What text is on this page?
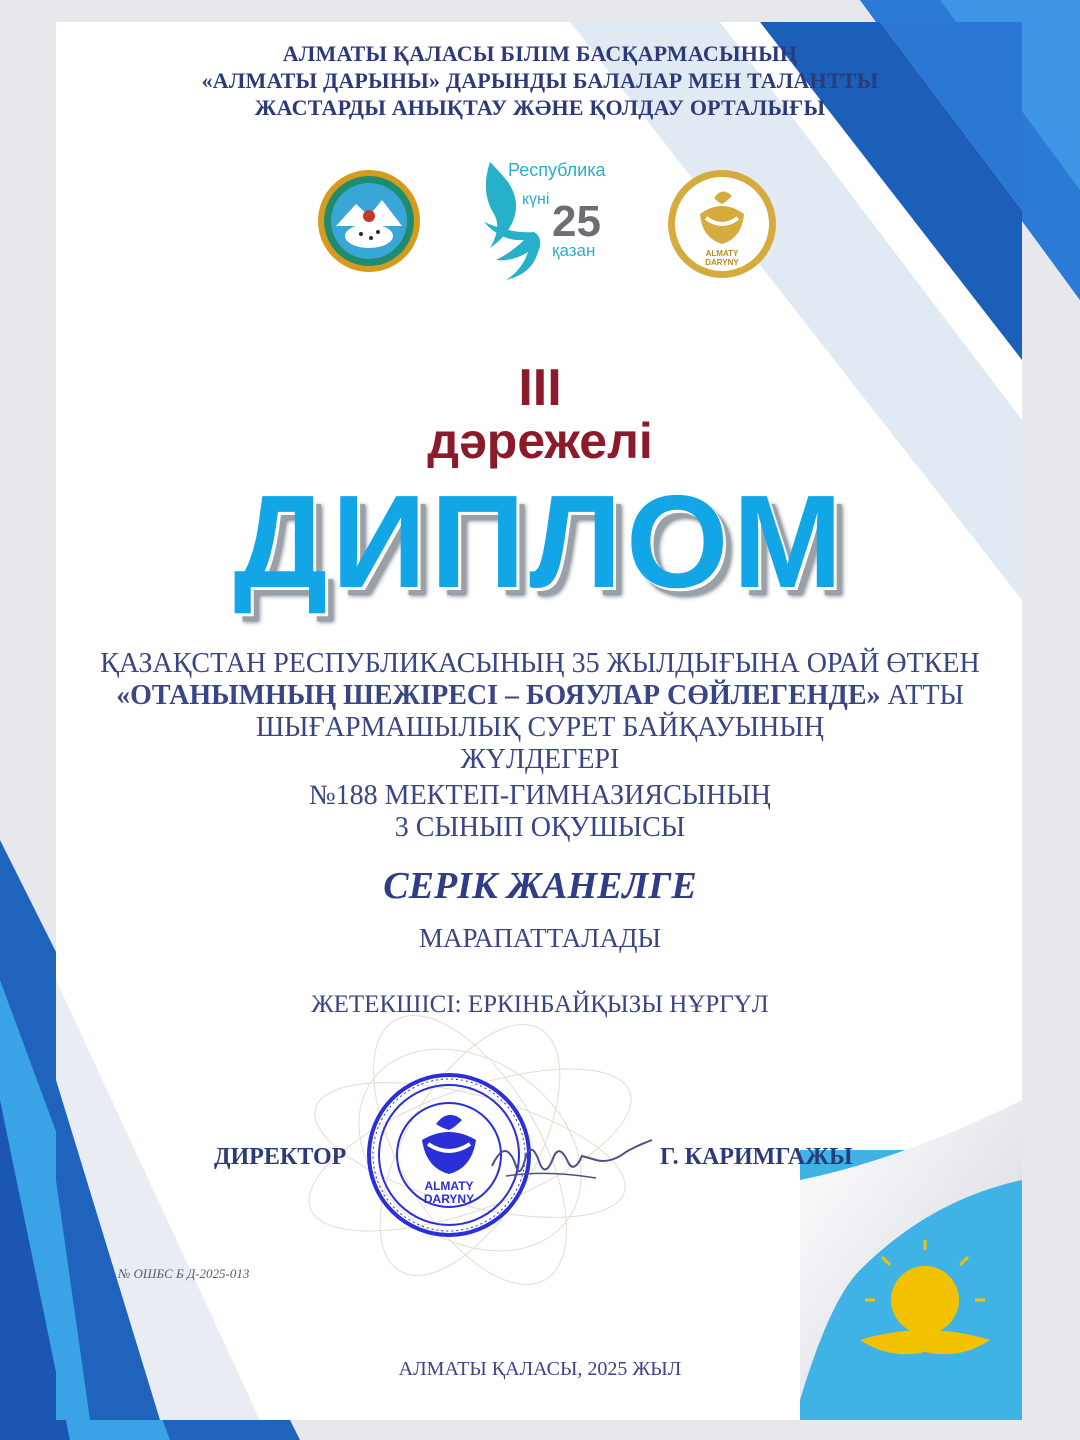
АЛМАТЫ ҚАЛАСЫ БІЛІМ БАСҚАРМАСЫНЫҢ
«АЛМАТЫ ДАРЫНЫ» ДАРЫНДЫ БАЛАЛАР МЕН ТАЛАНТТЫ
ЖАСТАРДЫ АНЫҚТАУ ЖӘНЕ ҚОЛДАУ ОРТАЛЫҒЫ
Республика
күні 25
қазан	ALMATY
DARYNY
III
дәрежелі
ДИПЛОМ
ҚАЗАҚСТАН РЕСПУБЛИКАСЫНЫҢ 35 ЖЫЛДЫҒЫНА ОРАЙ ӨТКЕН
«ОТАНЫМНЫҢ ШЕЖІРЕСІ – БОЯУЛАР СӨЙЛЕГЕНДЕ» АТТЫ
ШЫҒАРМАШЫЛЫҚ СУРЕТ БАЙҚАУЫНЫҢ
ЖҮЛДЕГЕРІ
№188 МЕКТЕП-ГИМНАЗИЯСЫНЫҢ
3 СЫНЫП ОҚУШЫСЫ
СЕРІК ЖАНЕЛГЕ
МАРАПАТТАЛАДЫ
ЖЕТЕКШІСІ: ЕРКІНБАЙҚЫЗЫ НҰРГҮЛ
ДИРЕКТОР
ALMATY
DARYNY
Г. КАРИМГАЖЫ
№ ОШБС Б Д-2025-013
АЛМАТЫ ҚАЛАСЫ, 2025 ЖЫЛ
